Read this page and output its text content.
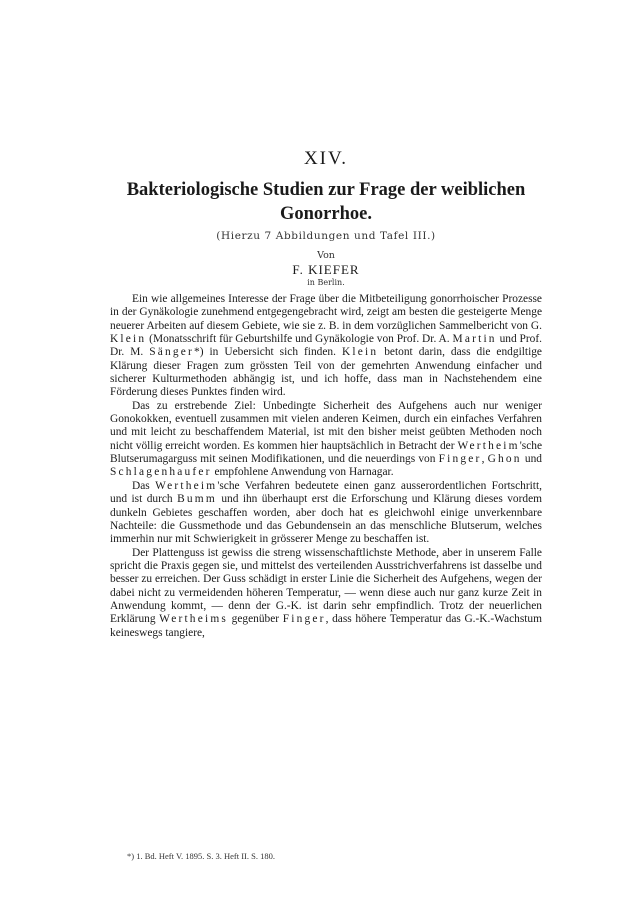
XIV.
Bakteriologische Studien zur Frage der weiblichen
Gonorrhoe.
(Hierzu 7 Abbildungen und Tafel III.)
Von
F. KIEFER
in Berlin.

Ein wie allgemeines Interesse der Frage über die Mitbeteiligung gonorrhoischer Prozesse in der Gynäkologie zunehmend entgegengebracht wird, zeigt am besten die gesteigerte Menge neuerer Arbeiten auf diesem Gebiete, wie sie z. B. in dem vorzüglichen Sammelbericht von G. Klein (Monatsschrift für Geburtshilfe und Gynäkologie von Prof. Dr. A. Martin und Prof. Dr. M. Sänger*) in Uebersicht sich finden. Klein betont darin, dass die endgiltige Klärung dieser Fragen zum grössten Teil von der gemehrten Anwendung einfacher und sicherer Kulturmethoden abhängig ist, und ich hoffe, dass man in Nachstehendem eine Förderung dieses Punktes finden wird.

Das zu erstrebende Ziel: Unbedingte Sicherheit des Aufgehens auch nur weniger Gonokokken, eventuell zusammen mit vielen anderen Keimen, durch ein einfaches Verfahren und mit leicht zu beschaffendem Material, ist mit den bisher meist geübten Methoden noch nicht völlig erreicht worden. Es kommen hier hauptsächlich in Betracht der Wertheim'sche Blutserumagarguss mit seinen Modifikationen, und die neuerdings von Finger, Ghon und Schlagenhaufer empfohlene Anwendung von Harnagar.

Das Wertheim'sche Verfahren bedeutete einen ganz ausserordentlichen Fortschritt, und ist durch Bumm und ihn überhaupt erst die Erforschung und Klärung dieses vordem dunkeln Gebietes geschaffen worden, aber doch hat es gleichwohl einige unverkennbare Nachteile: die Gussmethode und das Gebundensein an das menschliche Blutserum, welches immerhin nur mit Schwierigkeit in grösserer Menge zu beschaffen ist.

Der Plattenguss ist gewiss die streng wissenschaftlichste Methode, aber in unserem Falle spricht die Praxis gegen sie, und mittelst des verteilenden Ausstrichverfahrens ist dasselbe und besser zu erreichen. Der Guss schädigt in erster Linie die Sicherheit des Aufgehens, wegen der dabei nicht zu vermeidenden höheren Temperatur, — wenn diese auch nur ganz kurze Zeit in Anwendung kommt, — denn der G.-K. ist darin sehr empfindlich. Trotz der neuerlichen Erklärung Wertheims gegenüber Finger, dass höhere Temperatur das G.-K.-Wachstum keineswegs tangiere,

*) 1. Bd. Heft V. 1895. S. 3. Heft II. S. 180.
